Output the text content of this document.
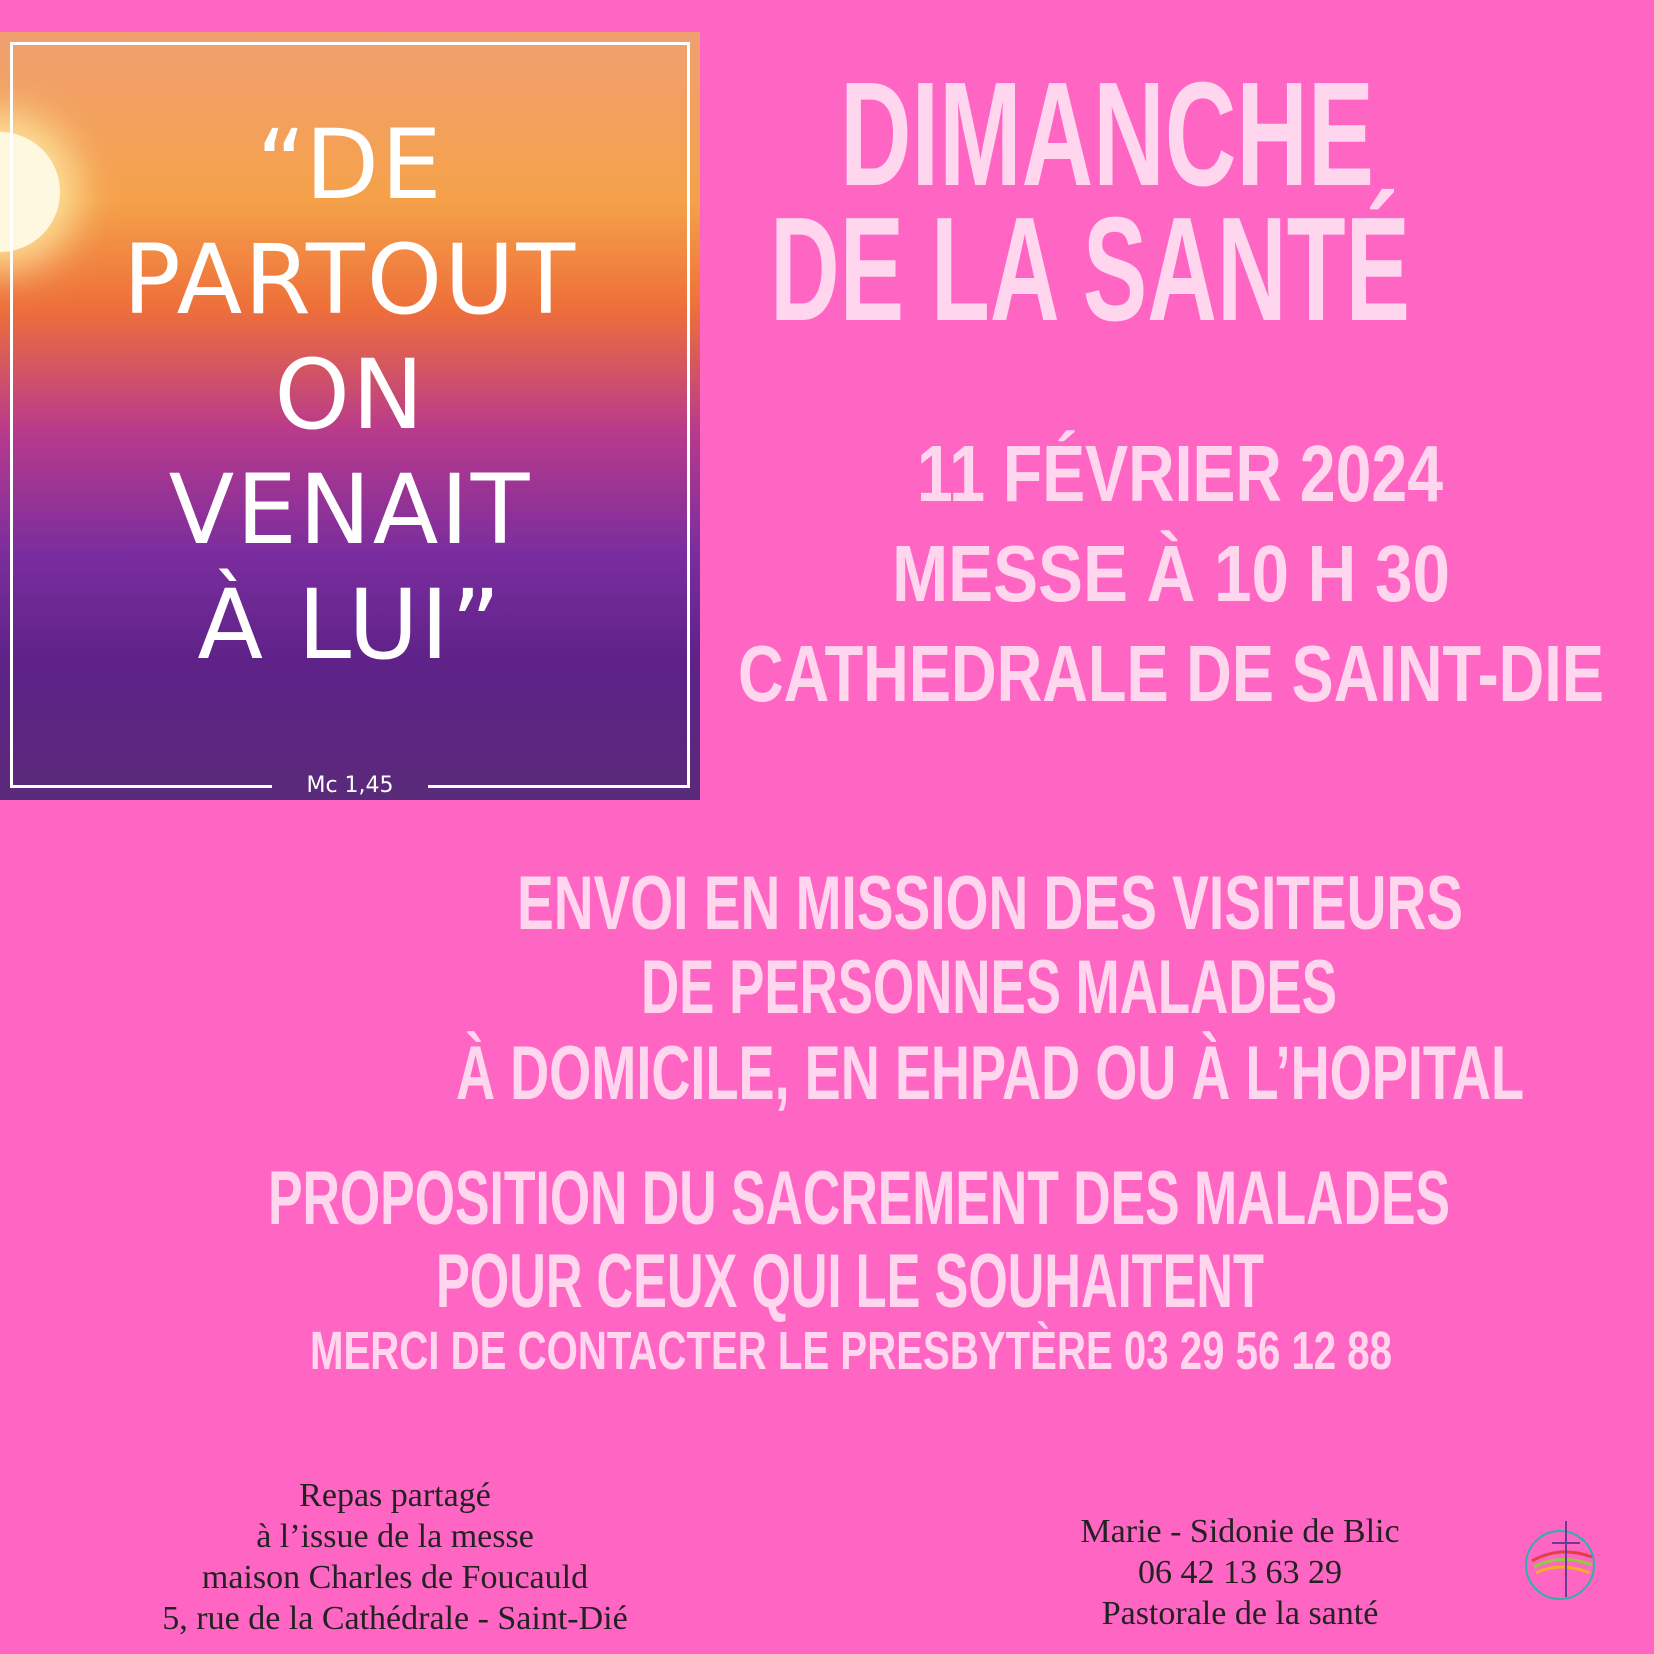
“DE
PARTOUT
ON
VENAIT
À LUI”
Mc 1,45
DIMANCHE
DE LA SANTÉ
11 FÉVRIER 2024
MESSE À 10 H 30
CATHEDRALE DE SAINT-DIE
ENVOI EN MISSION DES VISITEURS
DE PERSONNES MALADES
À DOMICILE, EN EHPAD OU À L’HOPITAL
PROPOSITION DU SACREMENT DES MALADES
POUR CEUX QUI LE SOUHAITENT
MERCI DE CONTACTER LE PRESBYTÈRE 03 29 56 12 88
Repas partagé
à l’issue de la messe
maison Charles de Foucauld
5, rue de la Cathédrale - Saint-Dié
Marie - Sidonie de Blic
06 42 13 63 29
Pastorale de la santé
